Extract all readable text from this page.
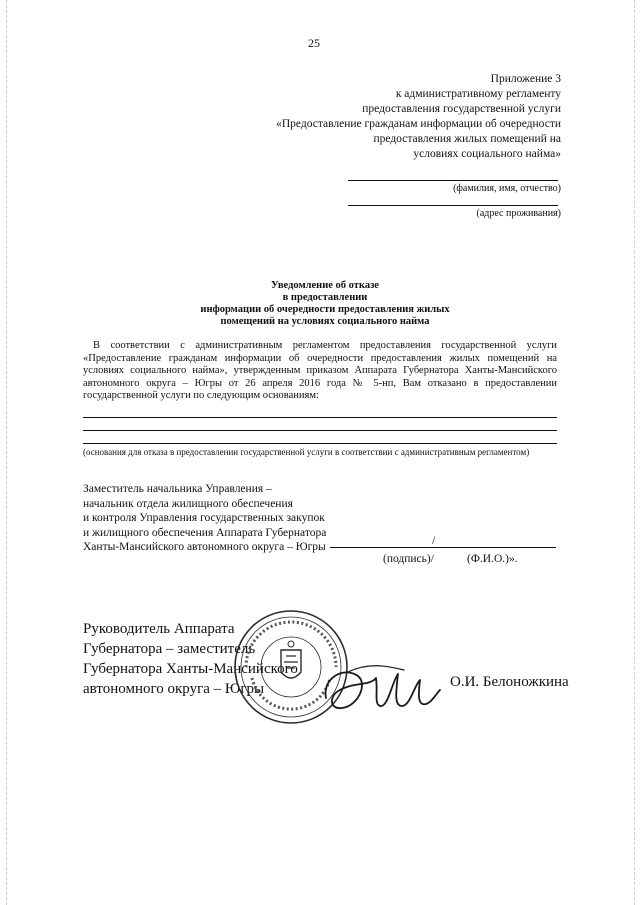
25
Приложение 3
к административному регламенту
предоставления государственной услуги
«Предоставление гражданам информации об очередности
предоставления жилых помещений на
условиях социального найма»
(фамилия, имя, отчество)
(адрес проживания)
Уведомление об отказе
в предоставлении
информации об очередности предоставления жилых
помещений на условиях социального найма
В соответствии с административным регламентом предоставления государственной услуги «Предоставление гражданам информации об очередности предоставления жилых помещений на условиях социального найма», утвержденным приказом Аппарата Губернатора Ханты-Мансийского автономного округа – Югры от 26 апреля 2016 года № 5-нп, Вам отказано в предоставлении государственной услуги по следующим основаниям:
(основания для отказа в предоставлении государственной услуги в соответствии с административным регламентом)
Заместитель начальника Управления –
начальник отдела жилищного обеспечения
и контроля Управления государственных закупок
и жилищного обеспечения Аппарата Губернатора
Ханты-Мансийского автономного округа – Югры
/
(подпись)/	(Ф.И.О.)».
Руководитель Аппарата
Губернатора – заместитель
Губернатора Ханты-Мансийского
автономного округа – Югры	О.И. Белоножкина
